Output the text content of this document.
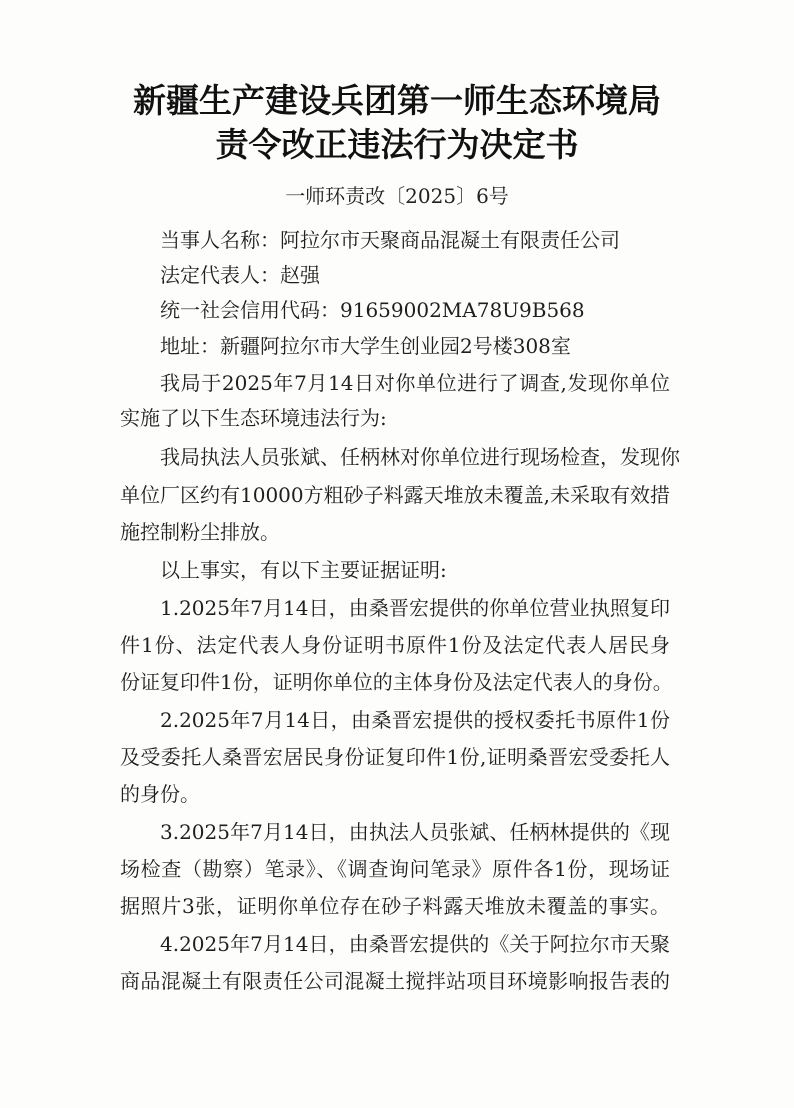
新疆生产建设兵团第一师生态环境局
责令改正违法行为决定书
一师环责改〔2025〕6号
当事人名称：阿拉尔市天聚商品混凝土有限责任公司
法定代表人：赵强
统一社会信用代码：91659002MA78U9B568
地址：新疆阿拉尔市大学生创业园2号楼308室
我局于2025年7月14日对你单位进行了调查,发现你单位
实施了以下生态环境违法行为:
我局执法人员张斌、任柄林对你单位进行现场检查，发现你
单位厂区约有10000方粗砂子料露天堆放未覆盖,未采取有效措
施控制粉尘排放。
以上事实，有以下主要证据证明:
1.2025年7月14日，由桑晋宏提供的你单位营业执照复印
件1份、法定代表人身份证明书原件1份及法定代表人居民身
份证复印件1份，证明你单位的主体身份及法定代表人的身份。
2.2025年7月14日，由桑晋宏提供的授权委托书原件1份
及受委托人桑晋宏居民身份证复印件1份,证明桑晋宏受委托人
的身份。
3.2025年7月14日，由执法人员张斌、任柄林提供的《现
场检查（勘察）笔录》、《调查询问笔录》原件各1份，现场证
据照片3张，证明你单位存在砂子料露天堆放未覆盖的事实。
4.2025年7月14日，由桑晋宏提供的《关于阿拉尔市天聚
商品混凝土有限责任公司混凝土搅拌站项目环境影响报告表的
